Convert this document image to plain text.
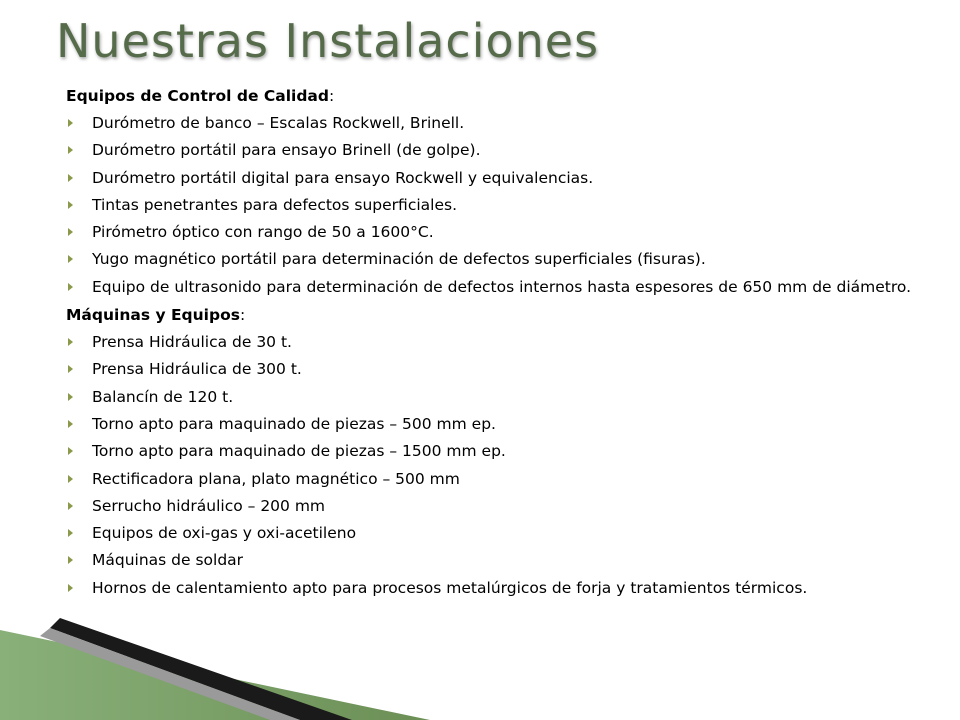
Nuestras Instalaciones
Equipos de Control de Calidad:
Durómetro de banco – Escalas Rockwell, Brinell.
Durómetro portátil para ensayo Brinell (de golpe).
Durómetro portátil digital para ensayo Rockwell y equivalencias.
Tintas penetrantes para defectos superficiales.
Pirómetro óptico con rango de 50 a 1600°C.
Yugo magnético portátil para determinación de defectos superficiales (fisuras).
Equipo de ultrasonido para determinación de defectos internos hasta espesores de 650 mm de diámetro.
Máquinas y Equipos:
Prensa Hidráulica de 30 t.
Prensa Hidráulica de 300 t.
Balancín de 120 t.
Torno apto para maquinado de piezas – 500 mm ep.
Torno apto para maquinado de piezas – 1500 mm ep.
Rectificadora plana, plato magnético – 500 mm
Serrucho hidráulico – 200 mm
Equipos de oxi-gas y oxi-acetileno
Máquinas de soldar
Hornos de calentamiento apto para procesos metalúrgicos de forja y tratamientos térmicos.
